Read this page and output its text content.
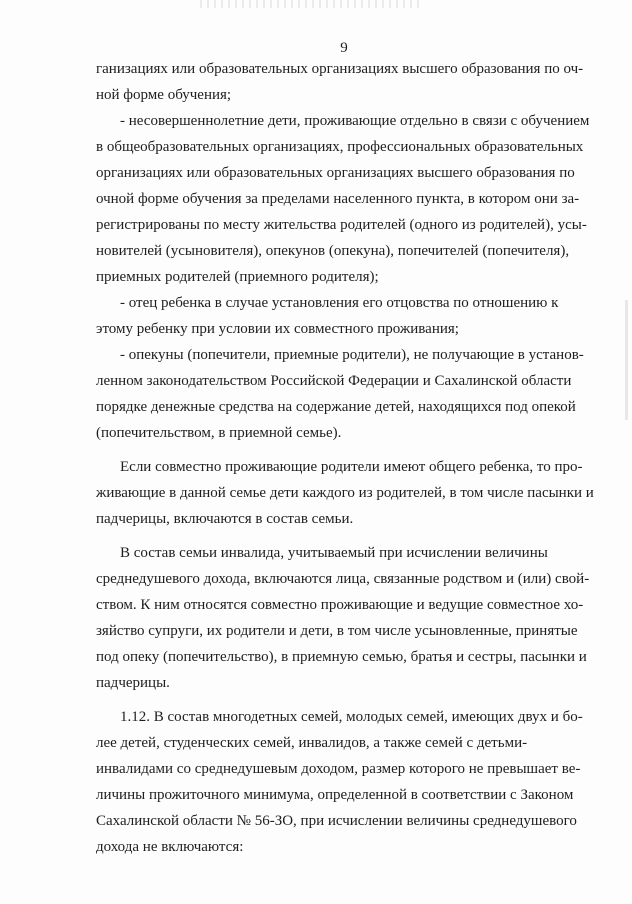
9

ганизациях или образовательных организациях высшего образования по оч-
ной форме обучения;

- несовершеннолетние дети, проживающие отдельно в связи с обучением
в общеобразовательных организациях, профессиональных образовательных
организациях или образовательных организациях высшего образования по
очной форме обучения за пределами населенного пункта, в котором они за-
регистрированы по месту жительства родителей (одного из родителей), усы-
новителей (усыновителя), опекунов (опекуна), попечителей (попечителя),
приемных родителей (приемного родителя);

- отец ребенка в случае установления его отцовства по отношению к
этому ребенку при условии их совместного проживания;

- опекуны (попечители, приемные родители), не получающие в установ-
ленном законодательством Российской Федерации и Сахалинской области
порядке денежные средства на содержание детей, находящихся под опекой
(попечительством, в приемной семье).

Если совместно проживающие родители имеют общего ребенка, то про-
живающие в данной семье дети каждого из родителей, в том числе пасынки и
падчерицы, включаются в состав семьи.

В состав семьи инвалида, учитываемый при исчислении величины
среднедушевого дохода, включаются лица, связанные родством и (или) свой-
ством. К ним относятся совместно проживающие и ведущие совместное хо-
зяйство супруги, их родители и дети, в том числе усыновленные, принятые
под опеку (попечительство), в приемную семью, братья и сестры, пасынки и
падчерицы.

1.12. В состав многодетных семей, молодых семей, имеющих двух и бо-
лее детей, студенческих семей, инвалидов, а также семей с детьми-
инвалидами со среднедушевым доходом, размер которого не превышает ве-
личины прожиточного минимума, определенной в соответствии с Законом
Сахалинской области № 56-ЗО, при исчислении величины среднедушевого
дохода не включаются:
